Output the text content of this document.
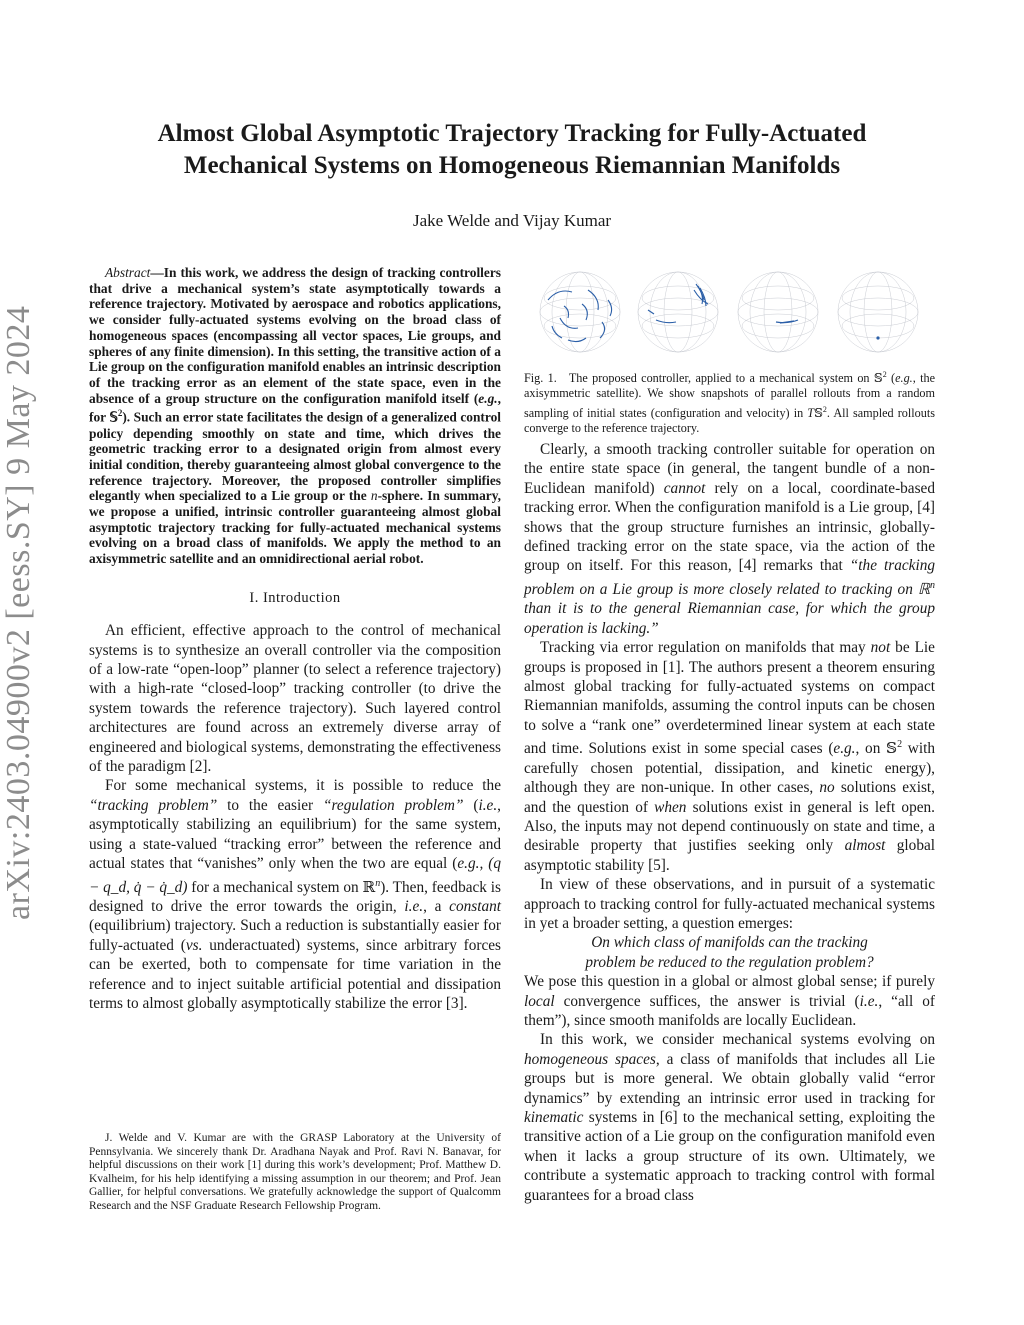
arXiv:2403.04900v2 [eess.SY] 9 May 2024
Almost Global Asymptotic Trajectory Tracking for Fully-Actuated Mechanical Systems on Homogeneous Riemannian Manifolds
Jake Welde and Vijay Kumar

Abstract—In this work, we address the design of tracking controllers that drive a mechanical system’s state asymptotically towards a reference trajectory. Motivated by aerospace and robotics applications, we consider fully-actuated systems evolving on the broad class of homogeneous spaces (encompassing all vector spaces, Lie groups, and spheres of any finite dimension). In this setting, the transitive action of a Lie group on the configuration manifold enables an intrinsic description of the tracking error as an element of the state space, even in the absence of a group structure on the configuration manifold itself (e.g., for 𝕊$^2$). Such an error state facilitates the design of a generalized control policy depending smoothly on state and time, which drives the geometric tracking error to a designated origin from almost every initial condition, thereby guaranteeing almost global convergence to the reference trajectory. Moreover, the proposed controller simplifies elegantly when specialized to a Lie group or the n-sphere. In summary, we propose a unified, intrinsic controller guaranteeing almost global asymptotic trajectory tracking for fully-actuated mechanical systems evolving on a broad class of manifolds. We apply the method to an axisymmetric satellite and an omnidirectional aerial robot.

I. Introduction

An efficient, effective approach to the control of mechanical systems is to synthesize an overall controller via the composition of a low-rate “open-loop” planner (to select a reference trajectory) with a high-rate “closed-loop” tracking controller (to drive the system towards the reference trajectory). Such layered control architectures are found across an extremely diverse array of engineered and biological systems, demonstrating the effectiveness of the paradigm [2].

For some mechanical systems, it is possible to reduce the “tracking problem” to the easier “regulation problem” (i.e., asymptotically stabilizing an equilibrium) for the same system, using a state-valued “tracking error” between the reference and actual states that “vanishes” only when the two are equal (e.g., (q − q_d, q̇ − q̇_d) for a mechanical system on ℝ$^n$). Then, feedback is designed to drive the error towards the origin, i.e., a constant (equilibrium) trajectory. Such a reduction is substantially easier for fully-actuated (vs. underactuated) systems, since arbitrary forces can be exerted, both to compensate for time variation in the reference and to inject suitable artificial potential and dissipation terms to almost globally asymptotically stabilize the error [3].

J. Welde and V. Kumar are with the GRASP Laboratory at the University of Pennsylvania. We sincerely thank Dr. Aradhana Nayak and Prof. Ravi N. Banavar, for helpful discussions on their work [1] during this work’s development; Prof. Matthew D. Kvalheim, for his help identifying a missing assumption in our theorem; and Prof. Jean Gallier, for helpful conversations. We gratefully acknowledge the support of Qualcomm Research and the NSF Graduate Research Fellowship Program.

Fig. 1. The proposed controller, applied to a mechanical system on 𝕊$^2$ (e.g., the axisymmetric satellite). We show snapshots of parallel rollouts from a random sampling of initial states (configuration and velocity) in T𝕊$^2$. All sampled rollouts converge to the reference trajectory.

Clearly, a smooth tracking controller suitable for operation on the entire state space (in general, the tangent bundle of a non-Euclidean manifold) cannot rely on a local, coordinate-based tracking error. When the configuration manifold is a Lie group, [4] shows that the group structure furnishes an intrinsic, globally-defined tracking error on the state space, via the action of the group on itself. For this reason, [4] remarks that “the tracking problem on a Lie group is more closely related to tracking on ℝ$^n$ than it is to the general Riemannian case, for which the group operation is lacking.”

Tracking via error regulation on manifolds that may not be Lie groups is proposed in [1]. The authors present a theorem ensuring almost global tracking for fully-actuated systems on compact Riemannian manifolds, assuming the control inputs can be chosen to solve a “rank one” overdetermined linear system at each state and time. Solutions exist in some special cases (e.g., on 𝕊$^2$ with carefully chosen potential, dissipation, and kinetic energy), although they are non-unique. In other cases, no solutions exist, and the question of when solutions exist in general is left open. Also, the inputs may not depend continuously on state and time, a desirable property that justifies seeking only almost global asymptotic stability [5].

In view of these observations, and in pursuit of a systematic approach to tracking control for fully-actuated mechanical systems in yet a broader setting, a question emerges:

On which class of manifolds can the tracking

problem be reduced to the regulation problem?

We pose this question in a global or almost global sense; if purely local convergence suffices, the answer is trivial (i.e., “all of them”), since smooth manifolds are locally Euclidean.

In this work, we consider mechanical systems evolving on homogeneous spaces, a class of manifolds that includes all Lie groups but is more general. We obtain globally valid “error dynamics” by extending an intrinsic error used in tracking for kinematic systems in [6] to the mechanical setting, exploiting the transitive action of a Lie group on the configuration manifold even when it lacks a group structure of its own. Ultimately, we contribute a systematic approach to tracking control with formal guarantees for a broad class
